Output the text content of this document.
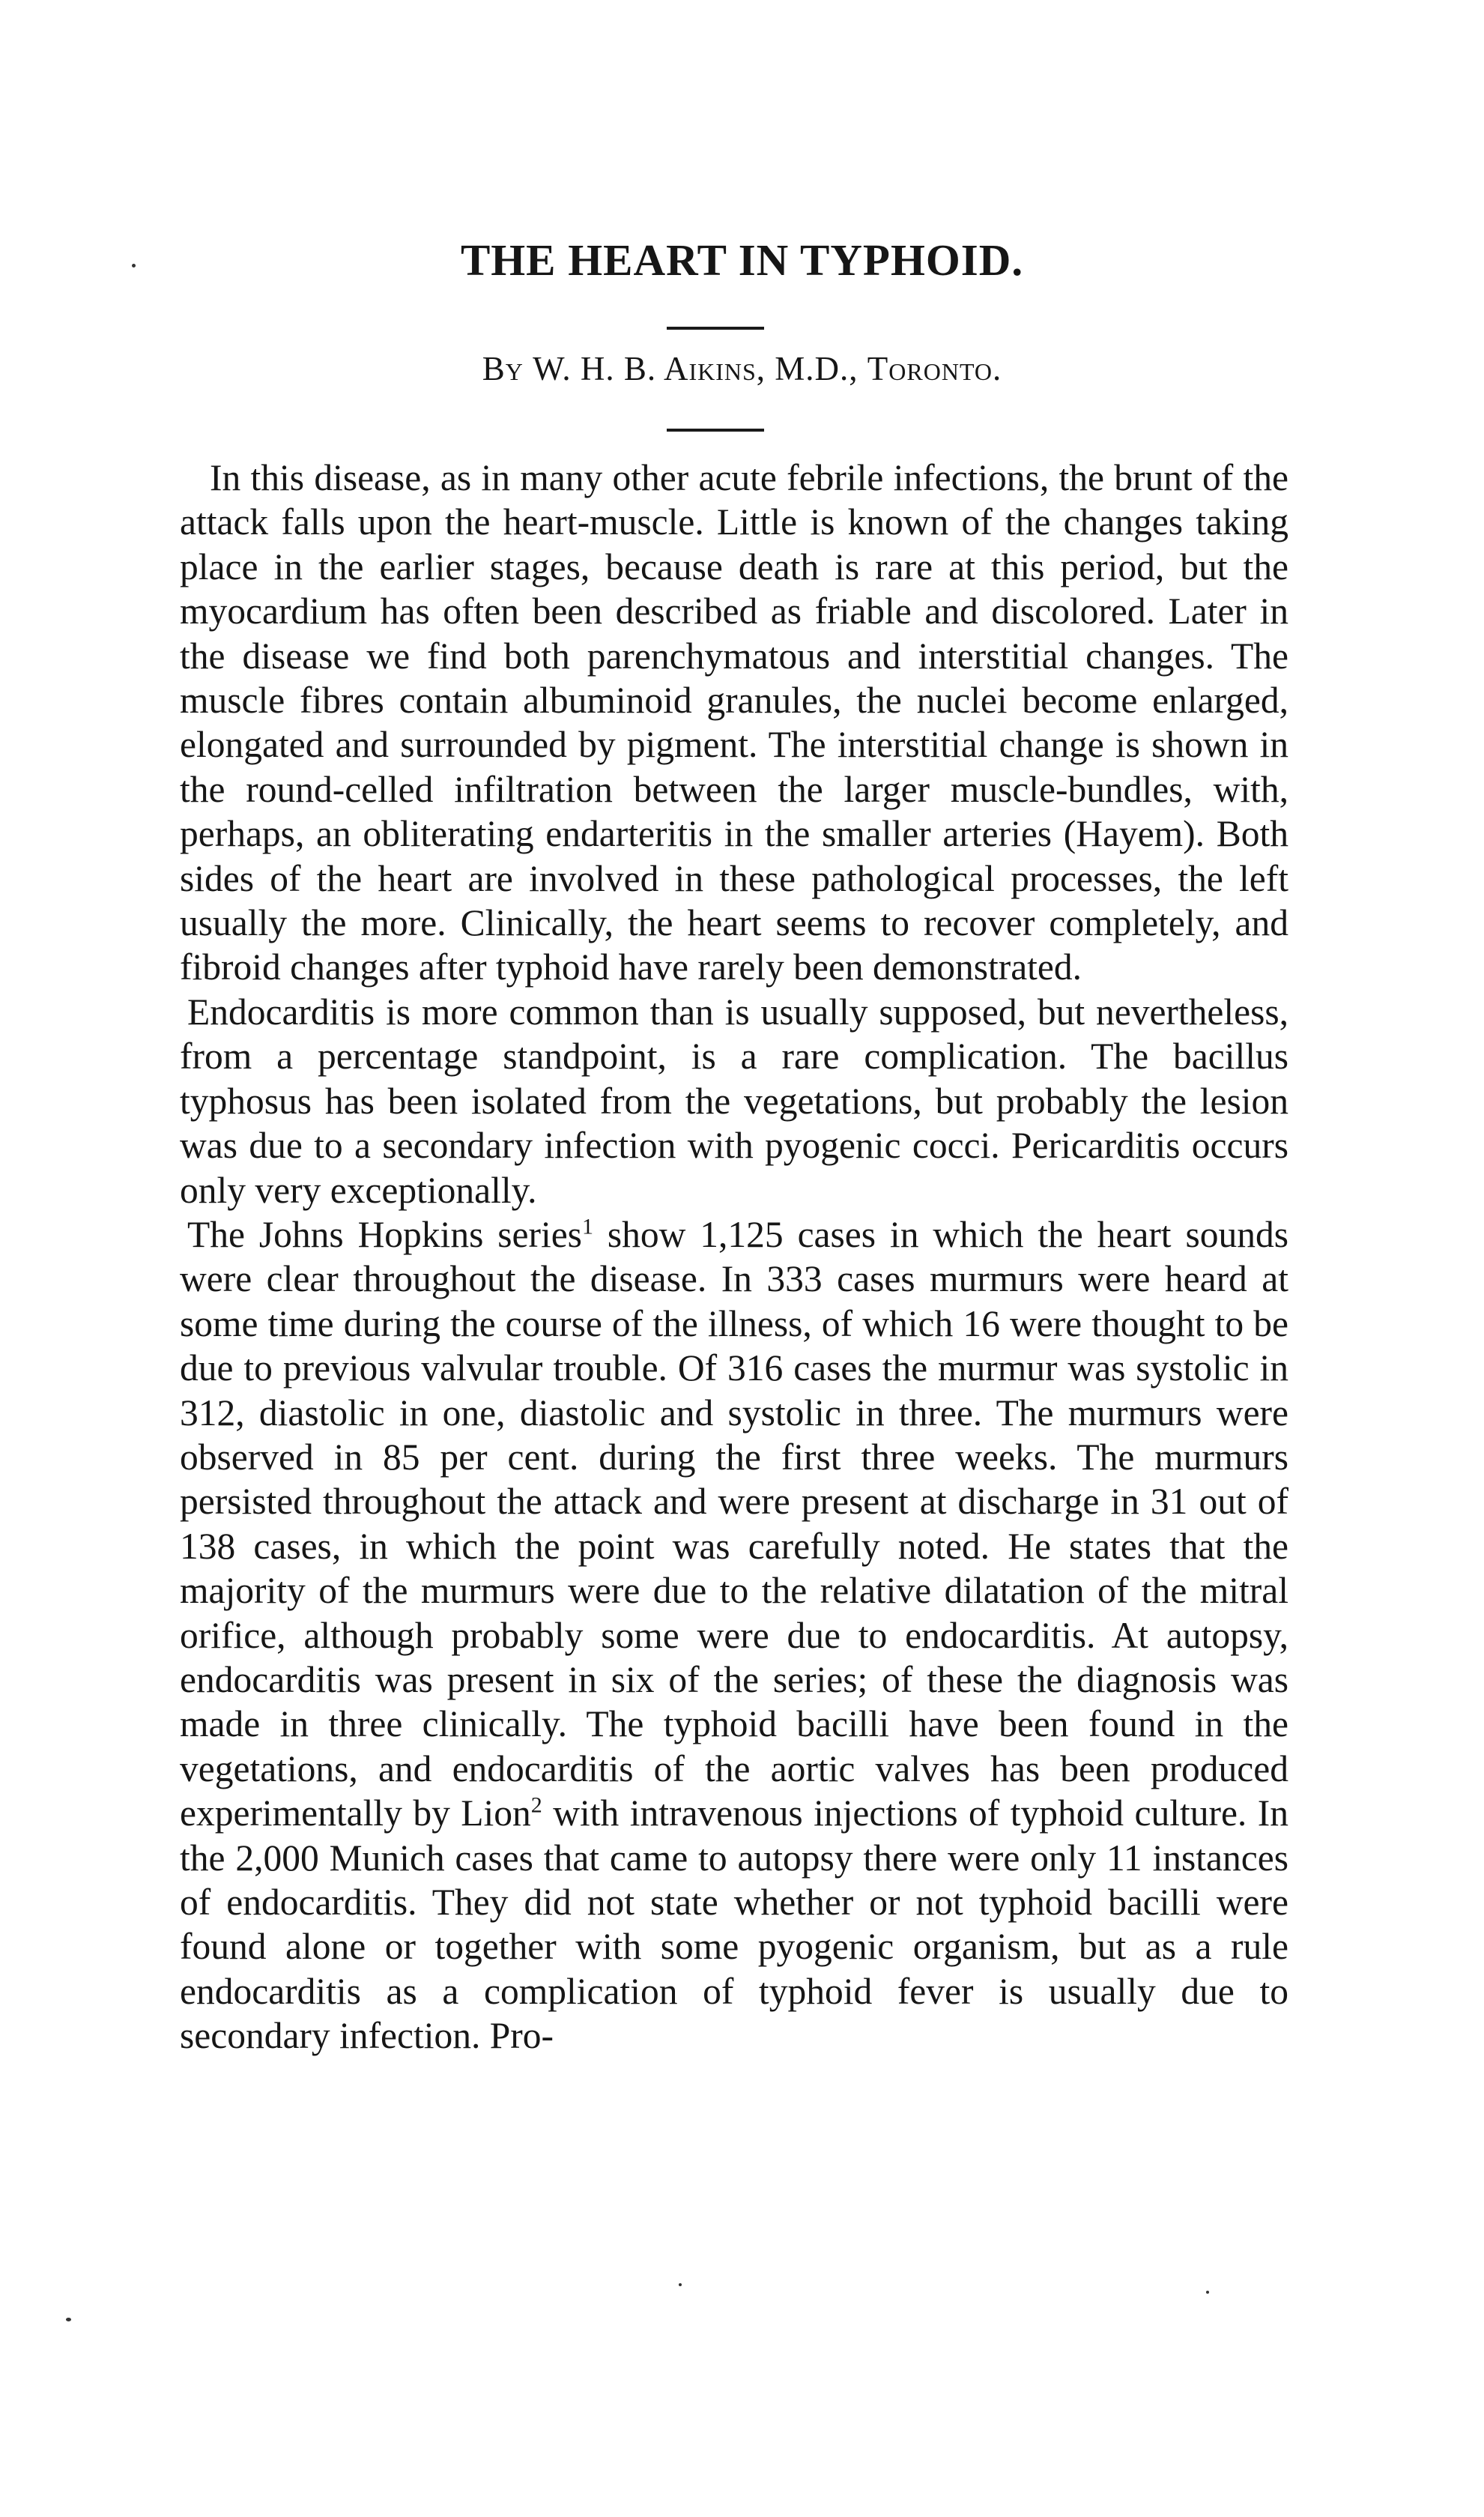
THE HEART IN TYPHOID.
By W. H. B. Aikins, M.D., Toronto.

In this disease, as in many other acute febrile infections, the brunt of the attack falls upon the heart-muscle. Little is known of the changes taking place in the earlier stages, because death is rare at this period, but the myocardium has often been described as friable and discolored. Later in the disease we find both parenchymatous and interstitial changes. The muscle fibres contain albuminoid granules, the nuclei become enlarged, elongated and surrounded by pigment. The interstitial change is shown in the round-celled infiltration between the larger muscle-bundles, with, perhaps, an obliterating endarteritis in the smaller arteries (Hayem). Both sides of the heart are involved in these pathological processes, the left usually the more. Clinically, the heart seems to recover completely, and fibroid changes after typhoid have rarely been demonstrated.

Endocarditis is more common than is usually supposed, but nevertheless, from a percentage standpoint, is a rare complication. The bacillus typhosus has been isolated from the vegetations, but probably the lesion was due to a secondary infection with pyogenic cocci. Pericarditis occurs only very exceptionally.

The Johns Hopkins series$^1$ show 1,125 cases in which the heart sounds were clear throughout the disease. In 333 cases murmurs were heard at some time during the course of the illness, of which 16 were thought to be due to previous valvular trouble. Of 316 cases the murmur was systolic in 312, diastolic in one, diastolic and systolic in three. The murmurs were observed in 85 per cent. during the first three weeks. The murmurs persisted throughout the attack and were present at discharge in 31 out of 138 cases, in which the point was carefully noted. He states that the majority of the murmurs were due to the relative dilatation of the mitral orifice, although probably some were due to endocarditis. At autopsy, endocarditis was present in six of the series; of these the diagnosis was made in three clinically. The typhoid bacilli have been found in the vegetations, and endocarditis of the aortic valves has been produced experimentally by Lion$^2$ with intravenous injections of typhoid culture. In the 2,000 Munich cases that came to autopsy there were only 11 instances of endocarditis. They did not state whether or not typhoid bacilli were found alone or together with some pyogenic organism, but as a rule endocarditis as a complication of typhoid fever is usually due to secondary infection. Pro-
